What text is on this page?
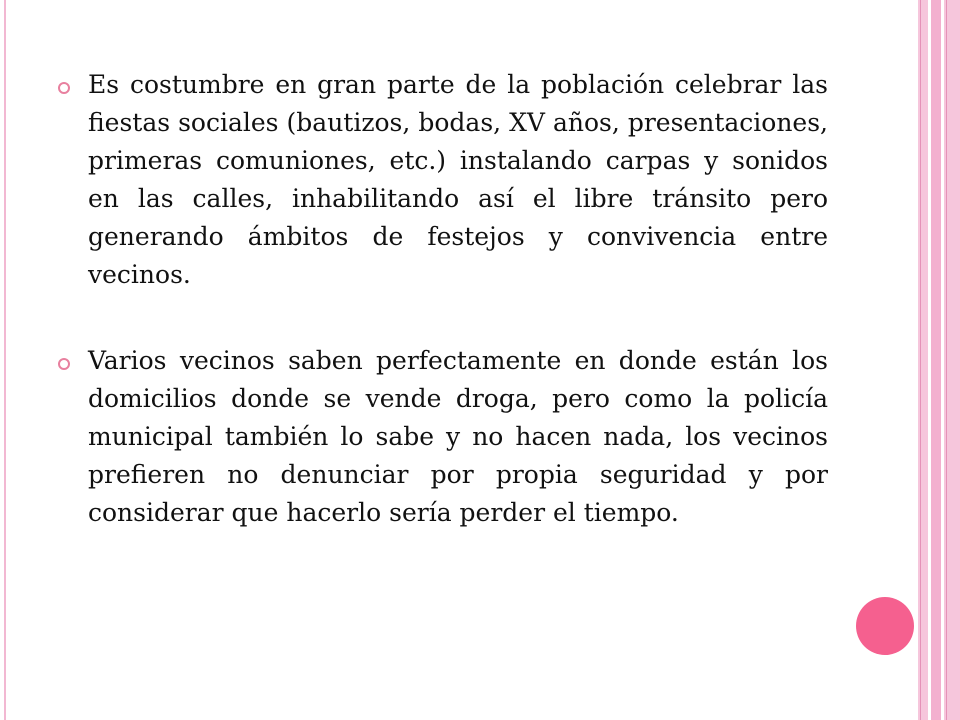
Es costumbre en gran parte de la población celebrar las fiestas sociales (bautizos, bodas, XV años, presentaciones, primeras comuniones, etc.) instalando carpas y sonidos en las calles, inhabilitando así el libre tránsito pero generando ámbitos de festejos y convivencia entre vecinos.
Varios vecinos saben perfectamente en donde están los domicilios donde se vende droga, pero como la policía municipal también lo sabe y no hacen nada, los vecinos prefieren no denunciar por propia seguridad y por considerar que hacerlo sería perder el tiempo.
